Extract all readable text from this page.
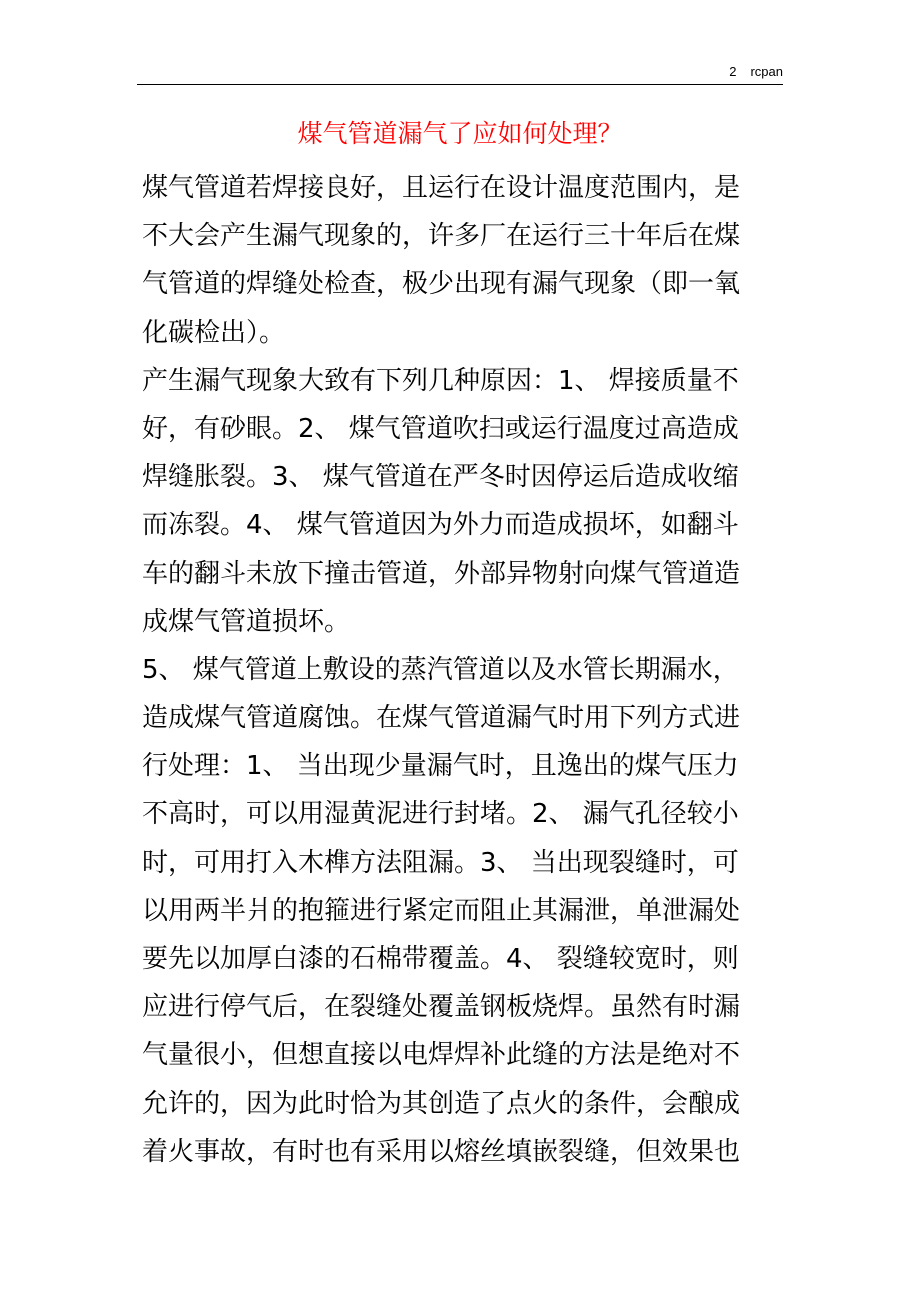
2 rcpan
煤气管道漏气了应如何处理？
煤气管道若焊接良好，且运行在设计温度范围内，是
不大会产生漏气现象的，许多厂在运行三十年后在煤
气管道的焊缝处检查，极少出现有漏气现象（即一氧
化碳检出）。
产生漏气现象大致有下列几种原因：1、 焊接质量不
好，有砂眼。2、 煤气管道吹扫或运行温度过高造成
焊缝胀裂。3、 煤气管道在严冬时因停运后造成收缩
而冻裂。4、 煤气管道因为外力而造成损坏，如翻斗
车的翻斗未放下撞击管道，外部异物射向煤气管道造
成煤气管道损坏。
5、 煤气管道上敷设的蒸汽管道以及水管长期漏水，
造成煤气管道腐蚀。在煤气管道漏气时用下列方式进
行处理：1、 当出现少量漏气时，且逸出的煤气压力
不高时，可以用湿黄泥进行封堵。2、 漏气孔径较小
时，可用打入木榫方法阻漏。3、 当出现裂缝时，可
以用两半爿的抱箍进行紧定而阻止其漏泄，单泄漏处
要先以加厚白漆的石棉带覆盖。4、 裂缝较宽时，则
应进行停气后，在裂缝处覆盖钢板烧焊。虽然有时漏
气量很小，但想直接以电焊焊补此缝的方法是绝对不
允许的，因为此时恰为其创造了点火的条件，会酿成
着火事故，有时也有采用以熔丝填嵌裂缝，但效果也
